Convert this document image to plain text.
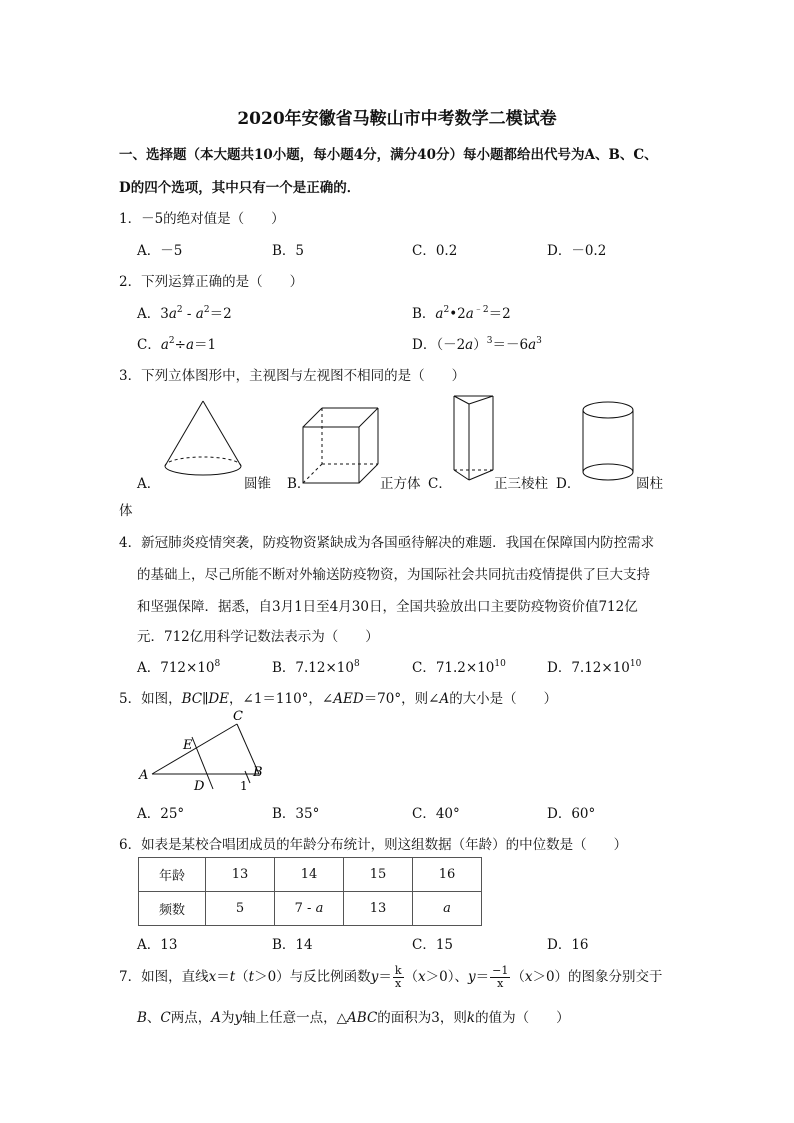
2020年安徽省马鞍山市中考数学二模试卷
一、选择题（本大题共10小题，每小题4分，满分40分）每小题都给出代号为A、B、C、
D的四个选项，其中只有一个是正确的．
1．－5的绝对值是（　　）
A．－5	B．5	C．0.2	D．－0.2
2．下列运算正确的是（　　）
A．$3a^2 - a^2=2$	B．$a^2•2a^{﹣2}=2$
C．$a^2\div a=1$	D．$(-2a)^3=-6a^3$
3．下列立体图形中，主视图与左视图不相同的是（　　）
A．	圆锥 B．	正方体 C．	正三棱柱 D．	圆柱
体
4．新冠肺炎疫情突袭，防疫物资紧缺成为各国亟待解决的难题．我国在保障国内防控需求
的基础上，尽己所能不断对外输送防疫物资，为国际社会共同抗击疫情提供了巨大支持
和坚强保障．据悉，自3月1日至4月30日，全国共验放出口主要防疫物资价值712亿
元．712亿用科学记数法表示为（　　）
A．$712\times 10^8$	B．$7.12\times 10^8$	C．$71.2\times 10^{10}$	D．$7.12\times 10^{10}$
5．如图，BC∥DE，∠1＝110°，∠AED＝70°，则∠A的大小是（　　）
A
C
E
D
B
1
A．25°	B．35°	C．40°	D．60°
6．如表是某校合唱团成员的年龄分布统计，则这组数据（年龄）的中位数是（　　）
年龄	13	14	15	16
频数	5	7 - a	13	a
A．13	B．14	C．15	D．16
7．如图，直线x＝t（t＞0）与反比例函数$y= \frac{k}{x} (x>0)$、$y= \frac{-1}{x} (x>0)$的图象分别交于
B、C两点，A为y轴上任意一点，△ABC的面积为3，则k的值为（　　）
